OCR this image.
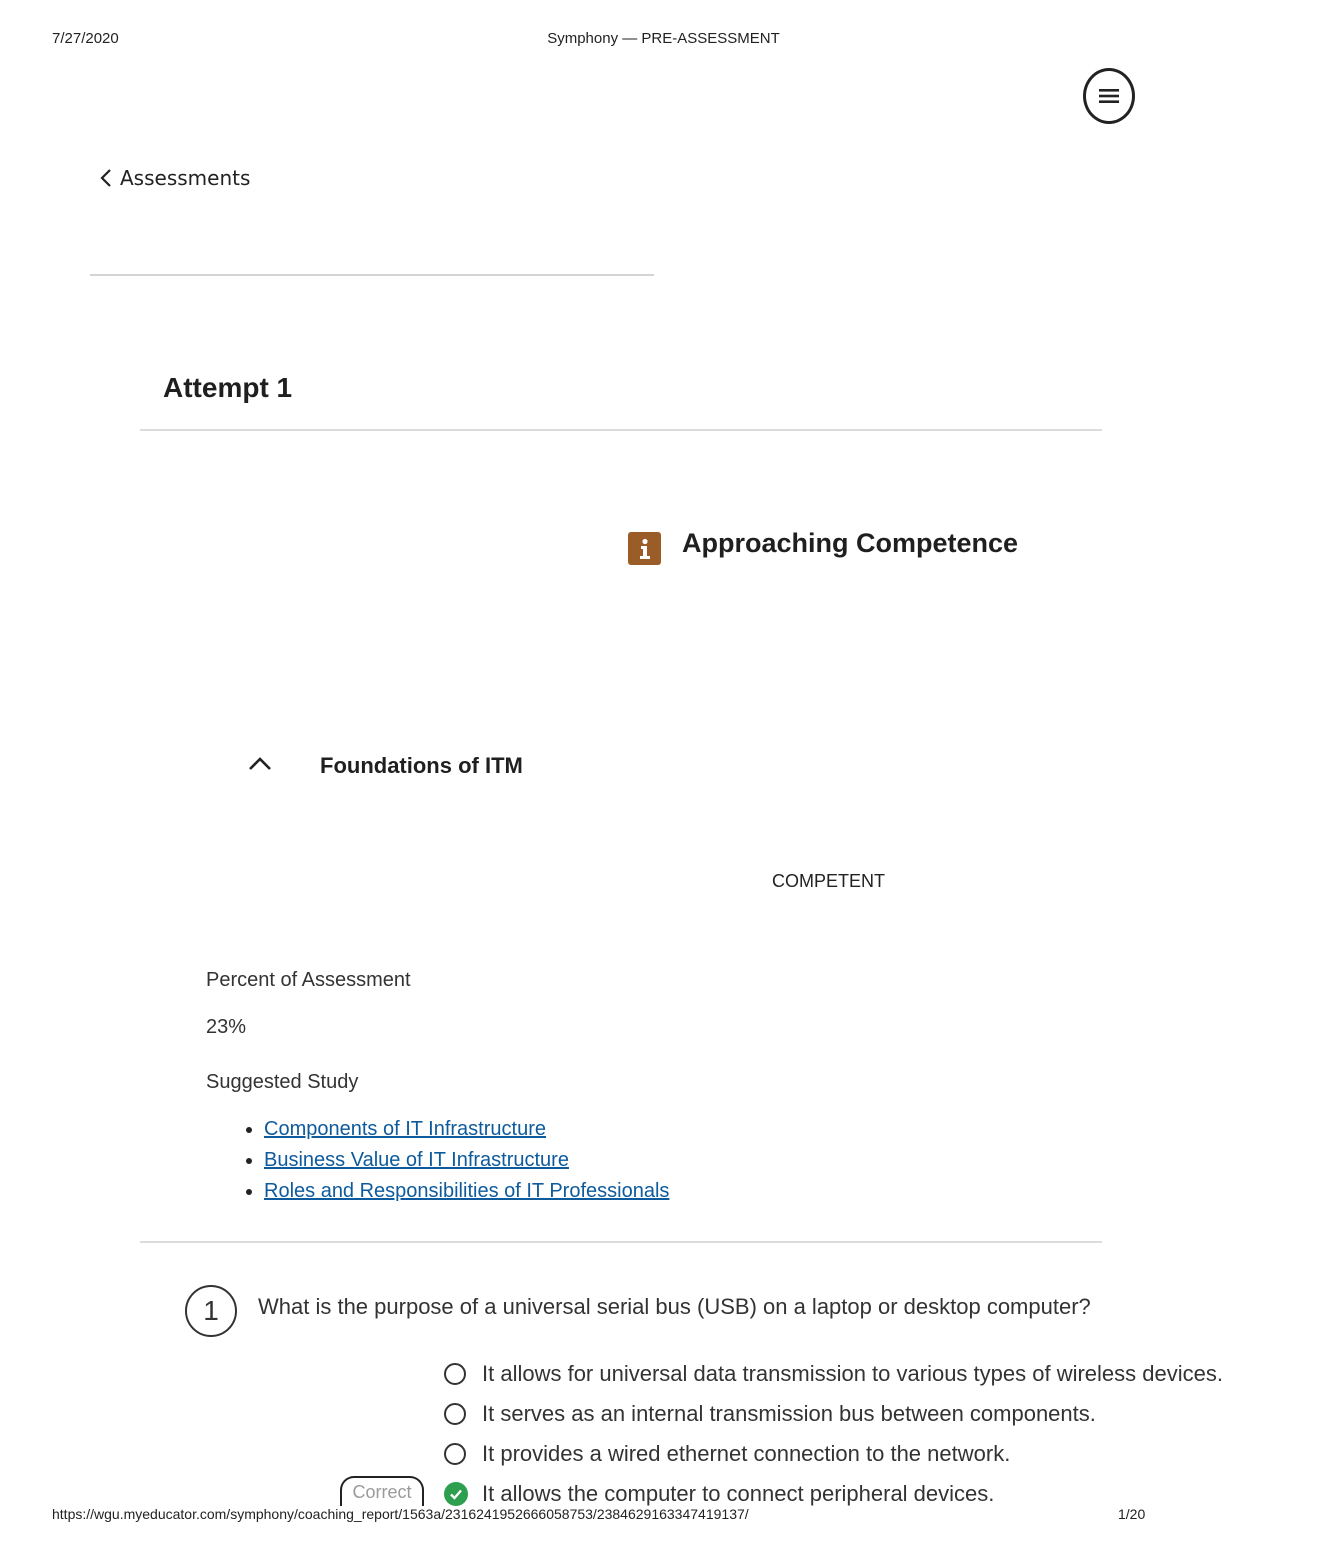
7/27/2020	Symphony — PRE-ASSESSMENT
Assessments
Attempt 1
Approaching Competence
Foundations of ITM
COMPETENT
Percent of Assessment
23%
Suggested Study
• Components of IT Infrastructure
• Business Value of IT Infrastructure
• Roles and Responsibilities of IT Professionals
1	What is the purpose of a universal serial bus (USB) on a laptop or desktop computer?
It allows for universal data transmission to various types of wireless devices.
It serves as an internal transmission bus between components.
It provides a wired ethernet connection to the network.
It allows the computer to connect peripheral devices.
Correct
https://wgu.myeducator.com/symphony/coaching_report/1563a/2316241952666058753/2384629163347419137/	1/20
